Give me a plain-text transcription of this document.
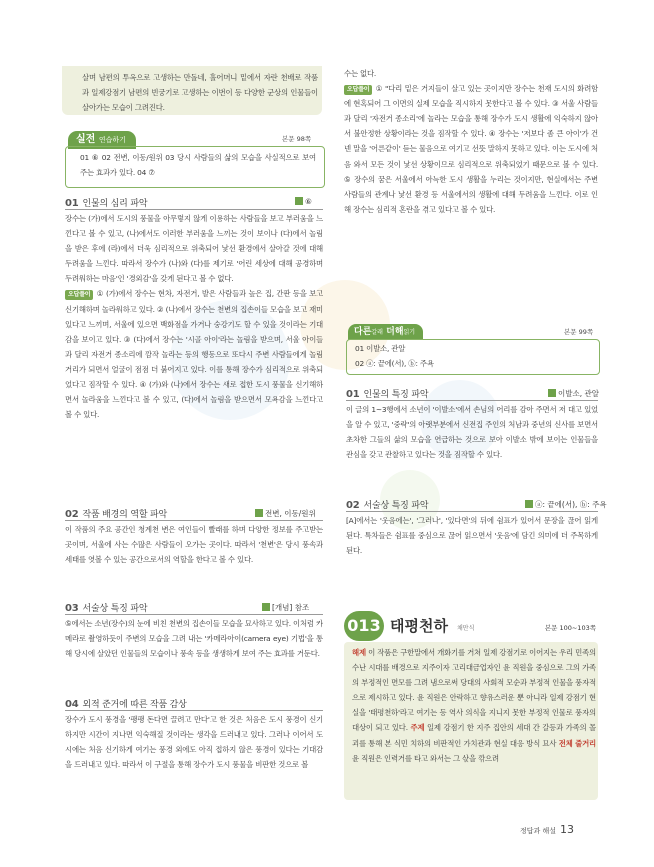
살며 남편의 투옥으로 고생하는 만돌네, 홀어머니 밑에서 자란 천배로 작품과 일제강점기 남편의 빈궁기로 고생하는 이번이 등 다양한 군상의 인물들이 살아가는 모습이 그려진다.

실전 연습하기	본문 98쪽

01 ⑥ 02 전변, 이동/원위 03 당시 사람들의 삶의 모습을 사실적으로 보여 주는 효과가 있다. 04 ⑦

01 인물의 심리 파악	⑥

장수는 (가)에서 도시의 풍물을 아무렇지 않게 이용하는 사람들을 보고 부러움을 느낀다고 볼 수 있고, (나)에서도 이러한 부러움을 느끼는 것이 보이나 (다)에서 놀림을 받은 후에 (라)에서 더욱 심리적으로 위축되어 낯선 환경에서 살아갈 것에 대해 두려움을 느낀다. 따라서 장수가 (나)와 (다)를 제기로 '어린 세상에 대해 공경하며 두려워하는 마음'인 '경외감'을 갖게 된다고 볼 수 없다.

오답풀이 ① (가)에서 장수는 현차, 자전거, 발은 사람들과 높은 집, 간판 등을 보고 신기해하며 놀라워하고 있다. ② (나)에서 장수는 천변의 집손이들 모습을 보고 재미있다고 느끼며, 서울에 있으면 백화점을 가거나 숭강기도 할 수 있을 것이라는 기대감을 보이고 있다. ③ (다)에서 장수는 '시골 아이'라는 놀림을 받으며, 서울 아이들과 달리 자전거 종소리에 깜작 놀라는 등의 행동으로 또다시 주변 사람들에게 놀림거리가 되면서 얼굴이 점점 더 붉어지고 있다. 이를 통해 장수가 심리적으로 위축되었다고 짐작할 수 있다. ④ (가)와 (나)에서 장수는 새로 접한 도시 풍물을 신기해하면서 놀라움을 느낀다고 볼 수 있고, (다)에서 놀림을 받으면서 모욕감을 느낀다고 볼 수 있다.

02 작품 배경의 역할 파악	전변, 이동/원위

이 작품의 주요 공간인 청계천 변은 여인들이 빨래를 하며 다양한 정보를 주고받는 곳이며, 서울에 사는 수많은 사람들이 오가는 곳이다. 따라서 '천변'은 당시 풍속과 세태를 엿볼 수 있는 공간으로서의 역할을 한다고 볼 수 있다.

03 서술상 특징 파악	[개념] 참조

⑤에서는 소년(장수)의 눈에 비친 천변의 집손이들 모습을 묘사하고 있다. 이처럼 카메라로 촬영하듯이 주변의 모습을 그려 내는 '카메라아이(camera eye) 기법'을 통해 당시에 살았던 인물들의 모습이나 풍속 등을 생생하게 보여 주는 효과를 거둔다.

04 외적 준거에 따른 작품 감상

장수가 도시 풍경을 '팽팽 돈다면 끌려고 만다'고 한 것은 처음은 도시 풍경이 신기하지만 시간이 지나면 익숙해질 것이라는 생각을 드러내고 있다. 그러나 이어서 도시에는 처음 신기하게 여기는 풍경 외에도 아직 접하지 않은 풍경이 있다는 기대감을 드러내고 있다. 따라서 이 구절을 통해 장수가 도시 풍물을 비판한 것으로 볼

수는 없다.

오답풀이 ① "다리 밑은 거지들이 살고 있는 곳이지만 장수는 천재 도시의 화려함에 현혹되어 그 이면의 실제 모습을 직시하지 못한다고 볼 수 있다. ③ 서울 사람들과 달리 '자전거 종소리'에 놀라는 모습을 통해 장수가 도시 생활에 익숙하지 않아서 불안정한 상황이라는 것을 짐작할 수 있다. ④ 장수는 '저보다 좀 큰 아이'가 건넨 말을 '어른같이' 듣는 물음으로 여기고 선뜻 말하지 못하고 있다. 이는 도시에 처음 와서 모든 것이 낯선 상황이므로 심리적으로 위축되었기 때문으로 볼 수 있다. ⑤ 장수의 꿈은 서울에서 아늑한 도시 생활을 누리는 것이지만, 현실에서는 주변 사람들의 관계나 낯선 환경 등 서울에서의 생활에 대해 두려움을 느낀다. 이로 인해 장수는 심리적 혼란을 겪고 있다고 볼 수 있다.

다른갈래 더해읽기	본문 99쪽

01 이발소, 관알

02 ⓐ: 끝에(서), ⓑ: 주욕

01 인물의 특징 파악	이발소, 관알

이 글의 1~3행에서 소년이 '이발소'에서 손님의 어리를 감아 주면서 저 대고 있었을 알 수 있고, '중략'의 아랫부분에서 신전집 주인의 처남과 중년의 신사를 보면서 초차한 그들의 삶의 모습을 연급하는 것으로 보아 이발소 밖에 보이는 인물들을 관심을 갖고 관찰하고 있다는 것을 짐작할 수 있다.

02 서술상 특징 파악	ⓐ: 끝에(서), ⓑ: 주욕

[A]에서는 '웃음에는', '그러나', '있다면'의 뒤에 쉼표가 있어서 문장을 끊어 읽게 된다. 특차들은 쉼표를 중심으로 끊어 읽으면서 '웃음'에 담긴 의미에 더 주목하게 된다.

013 태평천하 채만식	본문 100~103쪽

해제 이 작품은 구한말에서 개화기를 거쳐 일제 강점기로 이어지는 우리 민족의 수난 시대를 배경으로 지주이자 고리대금업자인 윤 직원을 중심으로 그의 가족의 부정적인 면모를 그려 냄으로써 당대의 사회적 모순과 부정적 인물을 풍자적으로 제시하고 있다. 윤 직원은 안락하고 향유스러운 뿐 아니라 일제 강점기 현실을 '태평천하'라고 여기는 등 역사 의식을 지니지 못한 부정적 인물로 풍자의 대상이 되고 있다. 주제 일제 강점기 한 지주 집안의 세대 간 갈등과 가족의 몰괴를 통해 본 식민 치하의 비판적인 가치관과 현실 대응 방식 묘사 전체 줄거리 윤 직원은 인력거를 타고 와서는 그 삯을 깎으려

정답과 해설 13
